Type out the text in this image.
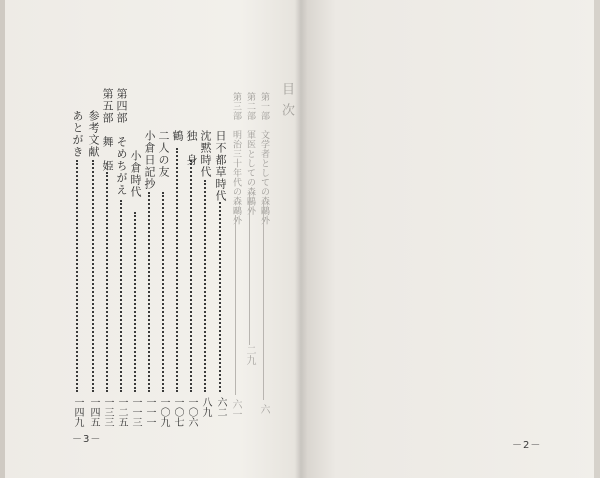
目次
第一部　文学者としての森鷗外
六
第二部　軍医としての森鷗外
二九
第三部　明治三十年代の森鷗外
六一
－2－
日不都草時代
六二
沈黙時代
八九
独　身
一〇六
鶴
一〇七
二人の友
一〇九
小倉日記抄
一一一
小倉時代
一一三
第四部　そめちがえ
一二五
第五部　舞　姫
一三三
参考文献
一四五
あとがき
一四九
－3－
